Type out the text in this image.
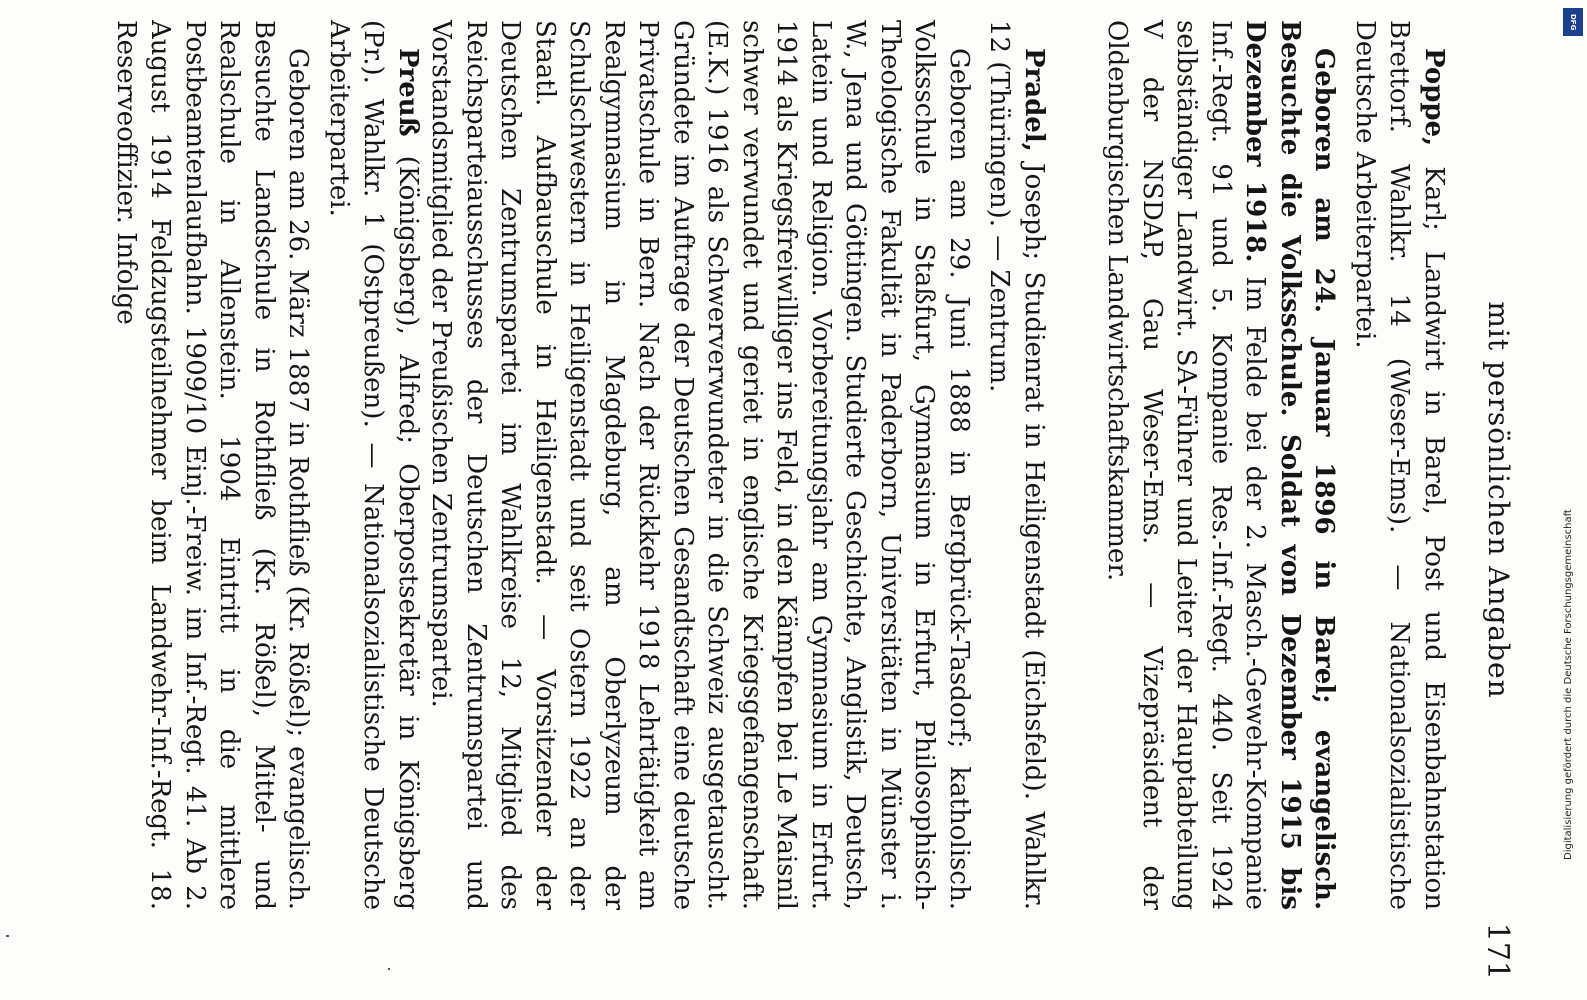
mit persönlichen Angaben
171

Poppe, Karl; Landwirt in Barel, Post und Eisenbahnstation Brettorf. Wahlkr. 14 (Weser-Ems). — Nationalsozialistische Deutsche Arbeiterpartei.

Geboren am 24. Januar 1896 in Barel; evangelisch. Besuchte die Volksschule. Soldat von Dezember 1915 bis Dezember 1918. Im Felde bei der 2. Masch.-Gewehr-Kompanie Inf.-Regt. 91 und 5. Kompanie Res.-Inf.-Regt. 440. Seit 1924 selbständiger Landwirt. SA-Führer und Leiter der Hauptabteilung V der NSDAP, Gau Weser-Ems. — Vizepräsident der Oldenburgischen Landwirtschaftskammer.

Pradel, Joseph; Studienrat in Heiligenstadt (Eichsfeld). Wahlkr. 12 (Thüringen). — Zentrum.

Geboren am 29. Juni 1888 in Bergbrück-Tasdorf; katholisch. Volksschule in Staßfurt, Gymnasium in Erfurt, Philosophisch-Theologische Fakultät in Paderborn, Universitäten in Münster i. W., Jena und Göttingen. Studierte Geschichte, Anglistik, Deutsch, Latein und Religion. Vorbereitungsjahr am Gymnasium in Erfurt. 1914 als Kriegsfreiwilliger ins Feld, in den Kämpfen bei Le Maisnil schwer verwundet und geriet in englische Kriegsgefangenschaft. (E.K.) 1916 als Schwerverwundeter in die Schweiz ausgetauscht. Gründete im Auftrage der Deutschen Gesandtschaft eine deutsche Privatschule in Bern. Nach der Rückkehr 1918 Lehrtätigkeit am Realgymnasium in Magdeburg, am Oberlyzeum der Schulschwestern in Heiligenstadt und seit Ostern 1922 an der Staatl. Aufbauschule in Heiligenstadt. — Vorsitzender der Deutschen Zentrumspartei im Wahlkreise 12, Mitglied des Reichsparteiausschusses der Deutschen Zentrumspartei und Vorstandsmitglied der Preußischen Zentrumspartei.

Preuß (Königsberg), Alfred; Oberpostsekretär in Königsberg (Pr.). Wahlkr. 1 (Ostpreußen). — Nationalsozialistische Deutsche Arbeiterpartei.

Geboren am 26. März 1887 in Rothfließ (Kr. Rößel); evangelisch. Besuchte Landschule in Rothfließ (Kr. Rößel), Mittel- und Realschule in Allenstein. 1904 Eintritt in die mittlere Postbeamtenlaufbahn. 1909/10 Einj.-Freiw. im Inf.-Regt. 41. Ab 2. August 1914 Feldzugsteilnehmer beim Landwehr-Inf.-Regt. 18. Reserveoffizier. Infolge	DFG
Digitalisierung gefördert durch die Deutsche Forschungsgemeinschaft
